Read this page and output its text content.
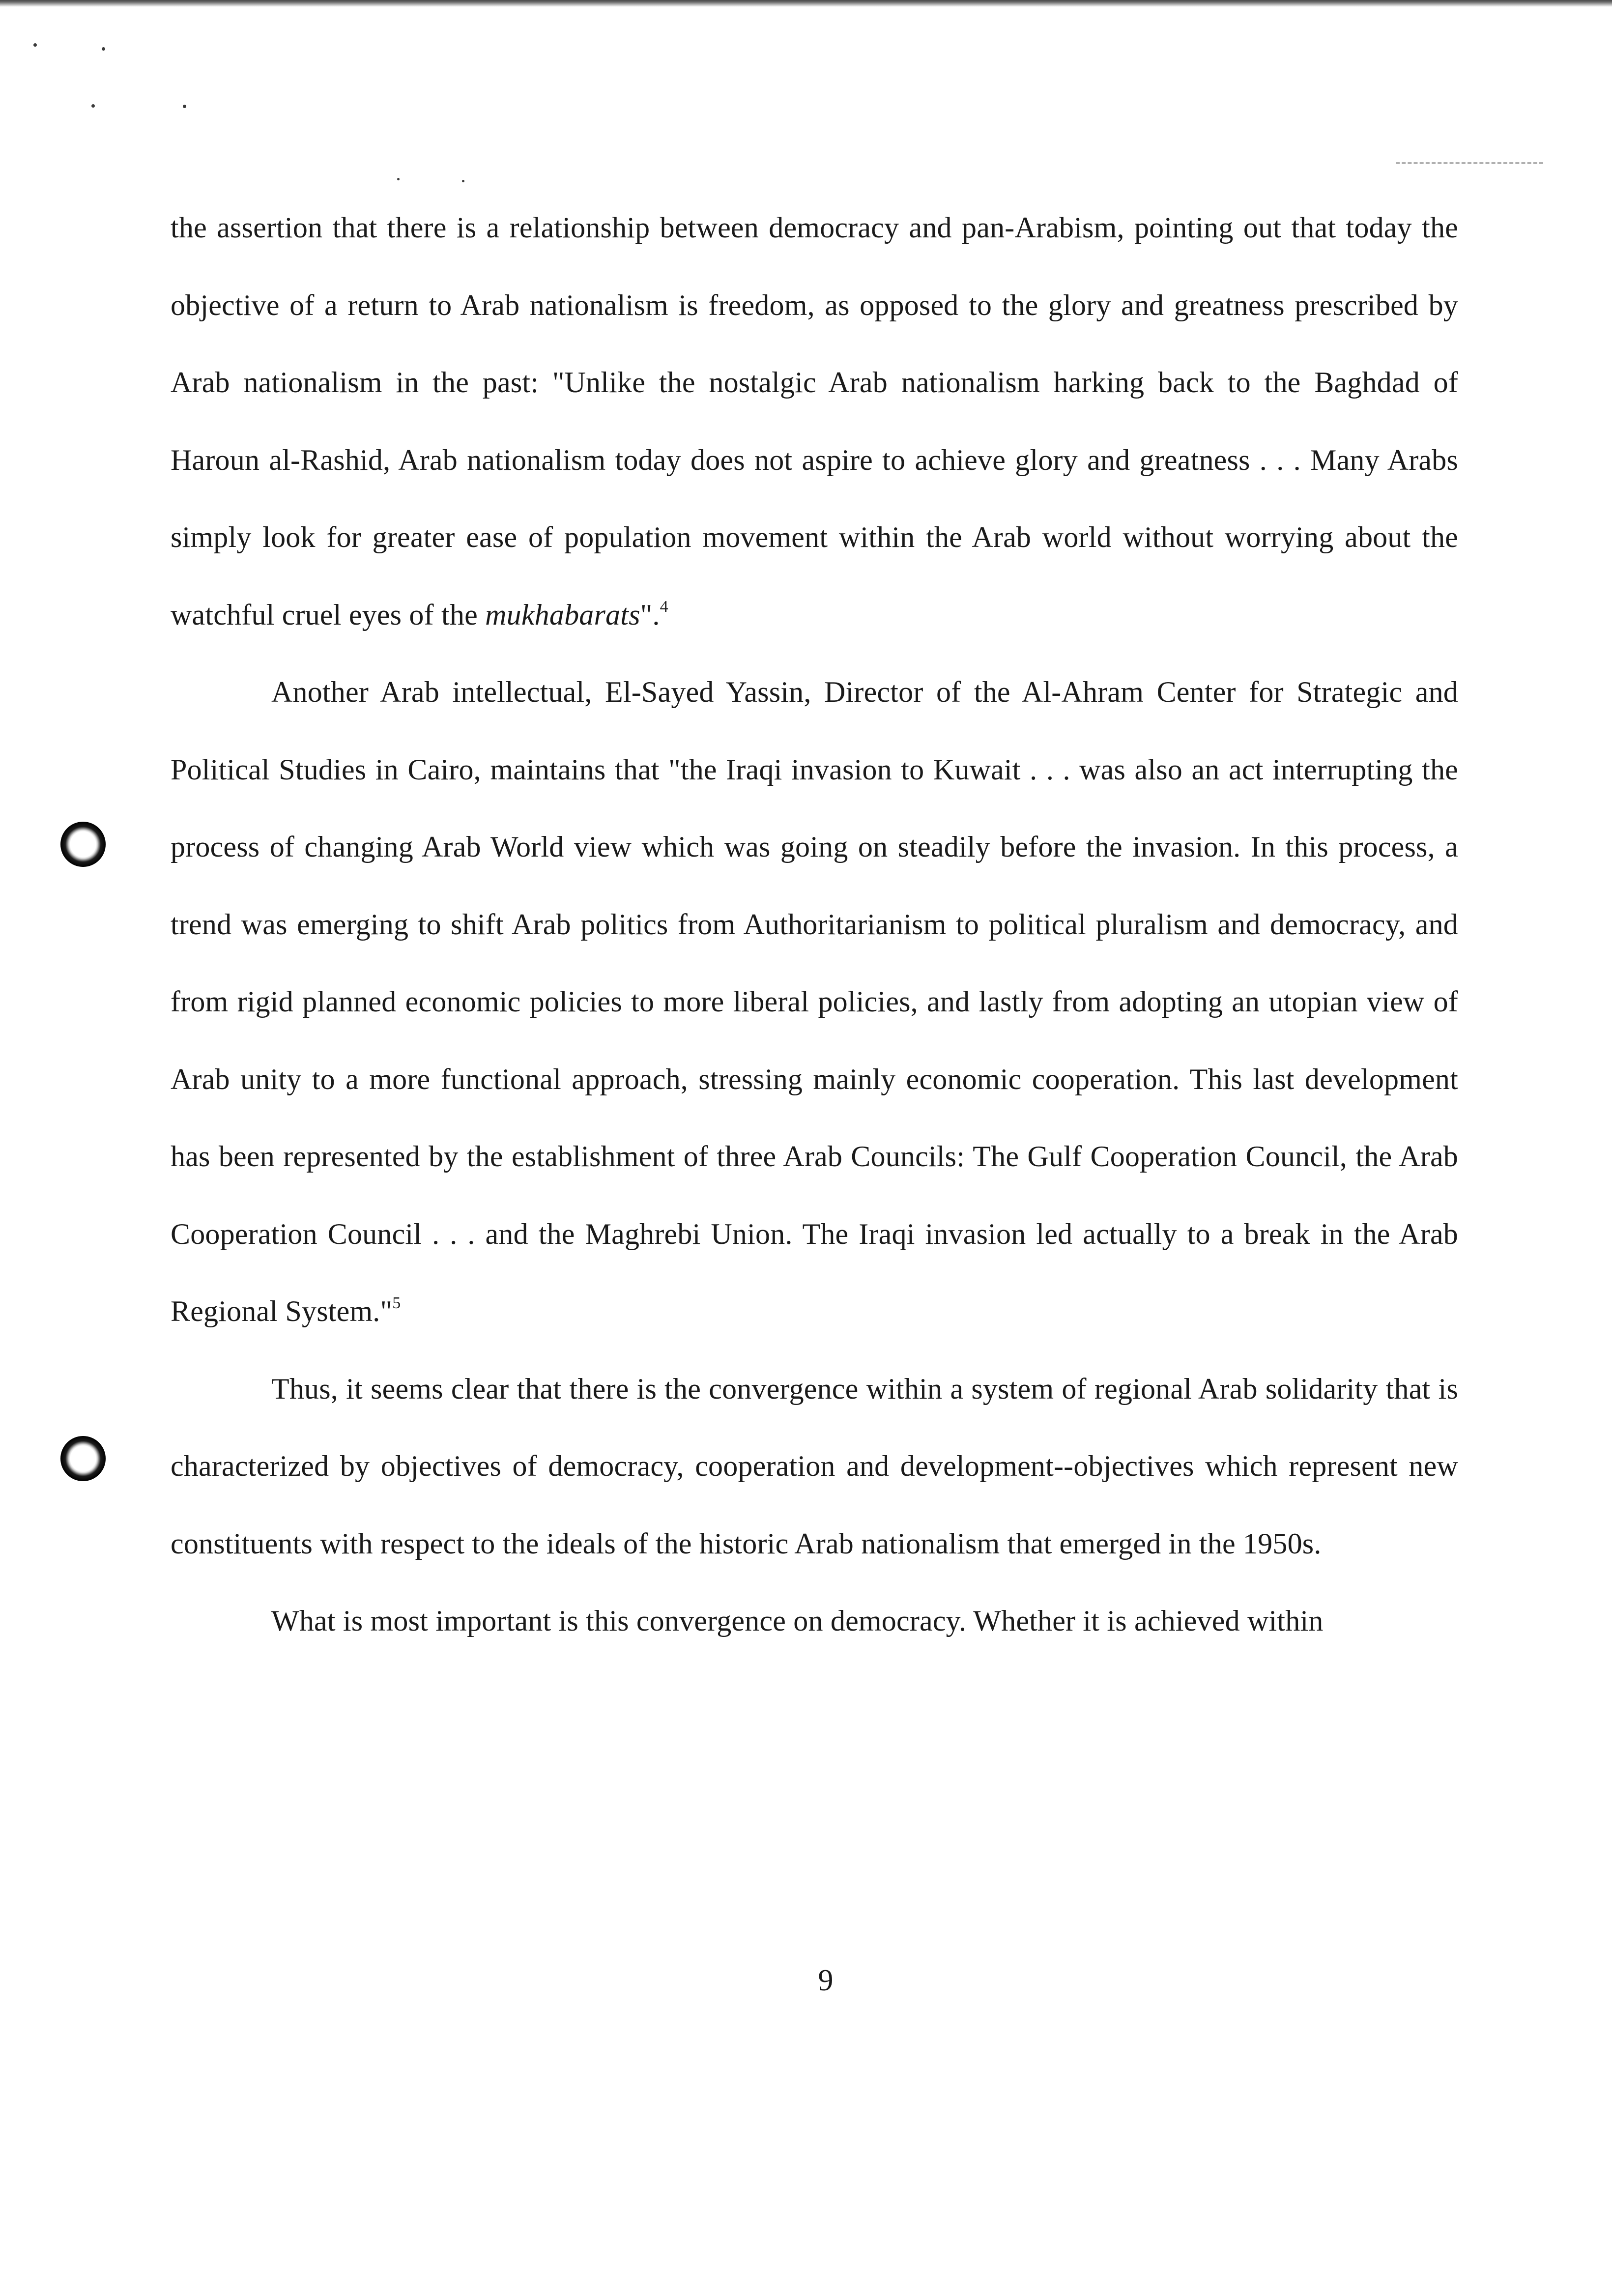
the assertion that there is a relationship between democracy and pan-Arabism, pointing out that today the objective of a return to Arab nationalism is freedom, as opposed to the glory and greatness prescribed by Arab nationalism in the past: "Unlike the nostalgic Arab nationalism harking back to the Baghdad of Haroun al-Rashid, Arab nationalism today does not aspire to achieve glory and greatness . . . Many Arabs simply look for greater ease of population movement within the Arab world without worrying about the watchful cruel eyes of the mukhabarats".$^4$

Another Arab intellectual, El-Sayed Yassin, Director of the Al-Ahram Center for Strategic and Political Studies in Cairo, maintains that "the Iraqi invasion to Kuwait . . . was also an act interrupting the process of changing Arab World view which was going on steadily before the invasion. In this process, a trend was emerging to shift Arab politics from Authoritarianism to political pluralism and democracy, and from rigid planned economic policies to more liberal policies, and lastly from adopting an utopian view of Arab unity to a more functional approach, stressing mainly economic cooperation. This last development has been represented by the establishment of three Arab Councils: The Gulf Cooperation Council, the Arab Cooperation Council . . . and the Maghrebi Union. The Iraqi invasion led actually to a break in the Arab Regional System."$^5$

Thus, it seems clear that there is the convergence within a system of regional Arab solidarity that is characterized by objectives of democracy, cooperation and development--objectives which represent new constituents with respect to the ideals of the historic Arab nationalism that emerged in the 1950s.

What is most important is this convergence on democracy. Whether it is achieved within

9
